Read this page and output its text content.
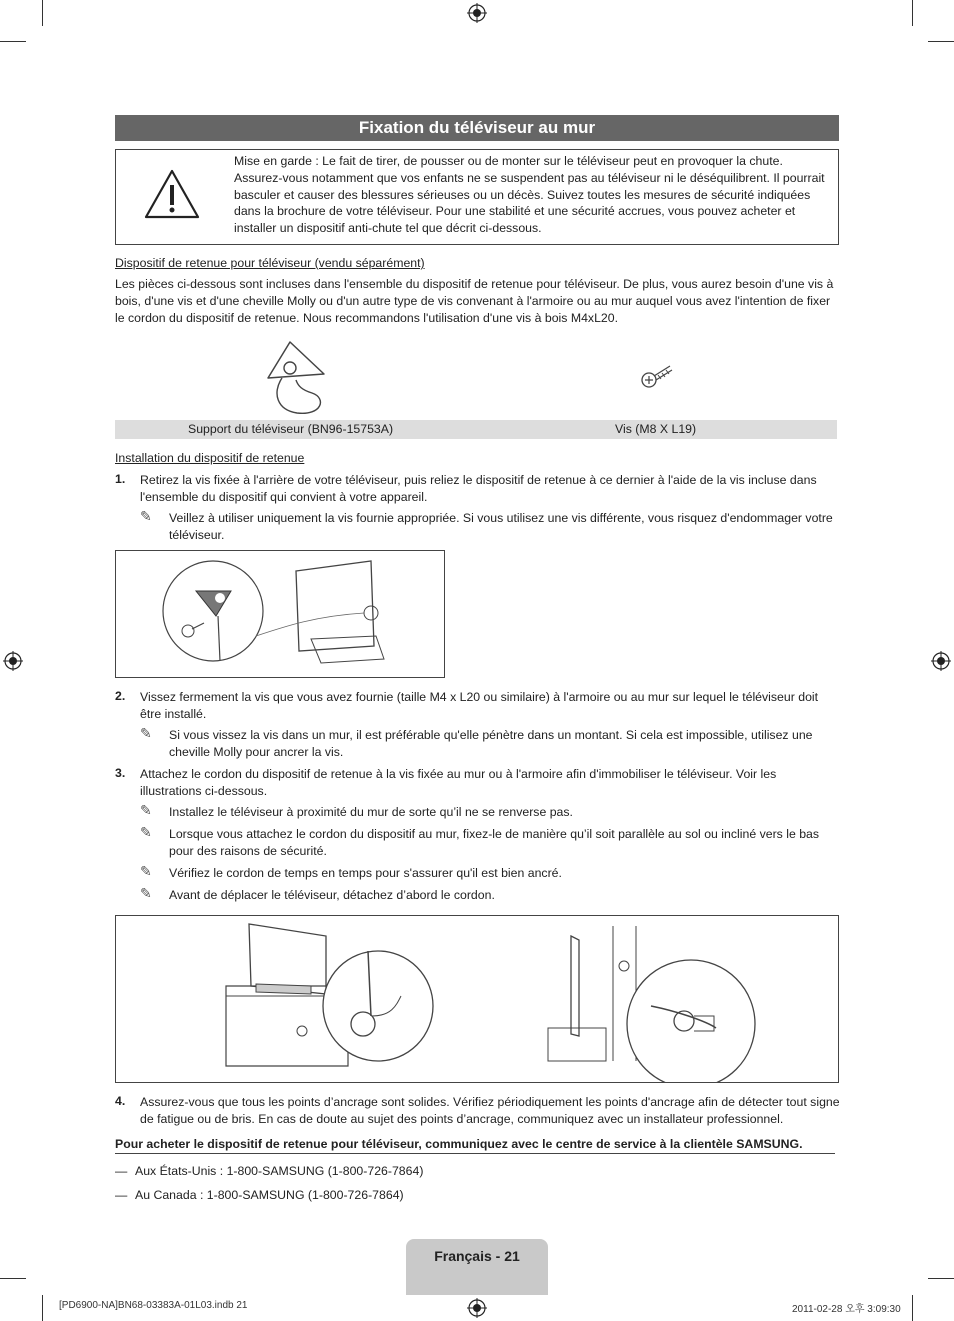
Fixation du téléviseur au mur
Mise en garde : Le fait de tirer, de pousser ou de monter sur le téléviseur peut en provoquer la chute. Assurez-vous notamment que vos enfants ne se suspendent pas au téléviseur ni le déséquilibrent. Il pourrait basculer et causer des blessures sérieuses ou un décès. Suivez toutes les mesures de sécurité indiquées dans la brochure de votre téléviseur. Pour une stabilité et une sécurité accrues, vous pouvez acheter et installer un dispositif anti-chute tel que décrit ci-dessous.
Dispositif de retenue pour téléviseur (vendu séparément)
Les pièces ci-dessous sont incluses dans l'ensemble du dispositif de retenue pour téléviseur. De plus, vous aurez besoin d'une vis à bois, d'une vis et d'une cheville Molly ou d'un autre type de vis convenant à l'armoire ou au mur auquel vous avez l'intention de fixer le cordon du dispositif de retenue. Nous recommandons l'utilisation d'une vis à bois M4xL20.
Support du téléviseur (BN96-15753A)	Vis (M8 X L19)
Installation du dispositif de retenue
1. Retirez la vis fixée à l'arrière de votre téléviseur, puis reliez le dispositif de retenue à ce dernier à l'aide de la vis incluse dans l'ensemble du dispositif qui convient à votre appareil.
✎ Veillez à utiliser uniquement la vis fournie appropriée. Si vous utilisez une vis différente, vous risquez d'endommager votre téléviseur.
2. Vissez fermement la vis que vous avez fournie (taille M4 x L20 ou similaire) à l'armoire ou au mur sur lequel le téléviseur doit être installé.
✎ Si vous vissez la vis dans un mur, il est préférable qu'elle pénètre dans un montant. Si cela est impossible, utilisez une cheville Molly pour ancrer la vis.
3. Attachez le cordon du dispositif de retenue à la vis fixée au mur ou à l'armoire afin d'immobiliser le téléviseur. Voir les illustrations ci-dessous.
✎ Installez le téléviseur à proximité du mur de sorte qu’il ne se renverse pas.
✎ Lorsque vous attachez le cordon du dispositif au mur, fixez-le de manière qu’il soit parallèle au sol ou incliné vers le bas pour des raisons de sécurité.
✎ Vérifiez le cordon de temps en temps pour s'assurer qu'il est bien ancré.
✎ Avant de déplacer le téléviseur, détachez d’abord le cordon.
4. Assurez-vous que tous les points d’ancrage sont solides. Vérifiez périodiquement les points d'ancrage afin de détecter tout signe de fatigue ou de bris. En cas de doute au sujet des points d’ancrage, communiquez avec un installateur professionnel.
Pour acheter le dispositif de retenue pour téléviseur, communiquez avec le centre de service à la clientèle SAMSUNG.
— Aux États-Unis : 1-800-SAMSUNG (1-800-726-7864)
— Au Canada : 1-800-SAMSUNG (1-800-726-7864)
Français - 21
[PD6900-NA]BN68-03383A-01L03.indb 21	2011-02-28 오후 3:09:30
